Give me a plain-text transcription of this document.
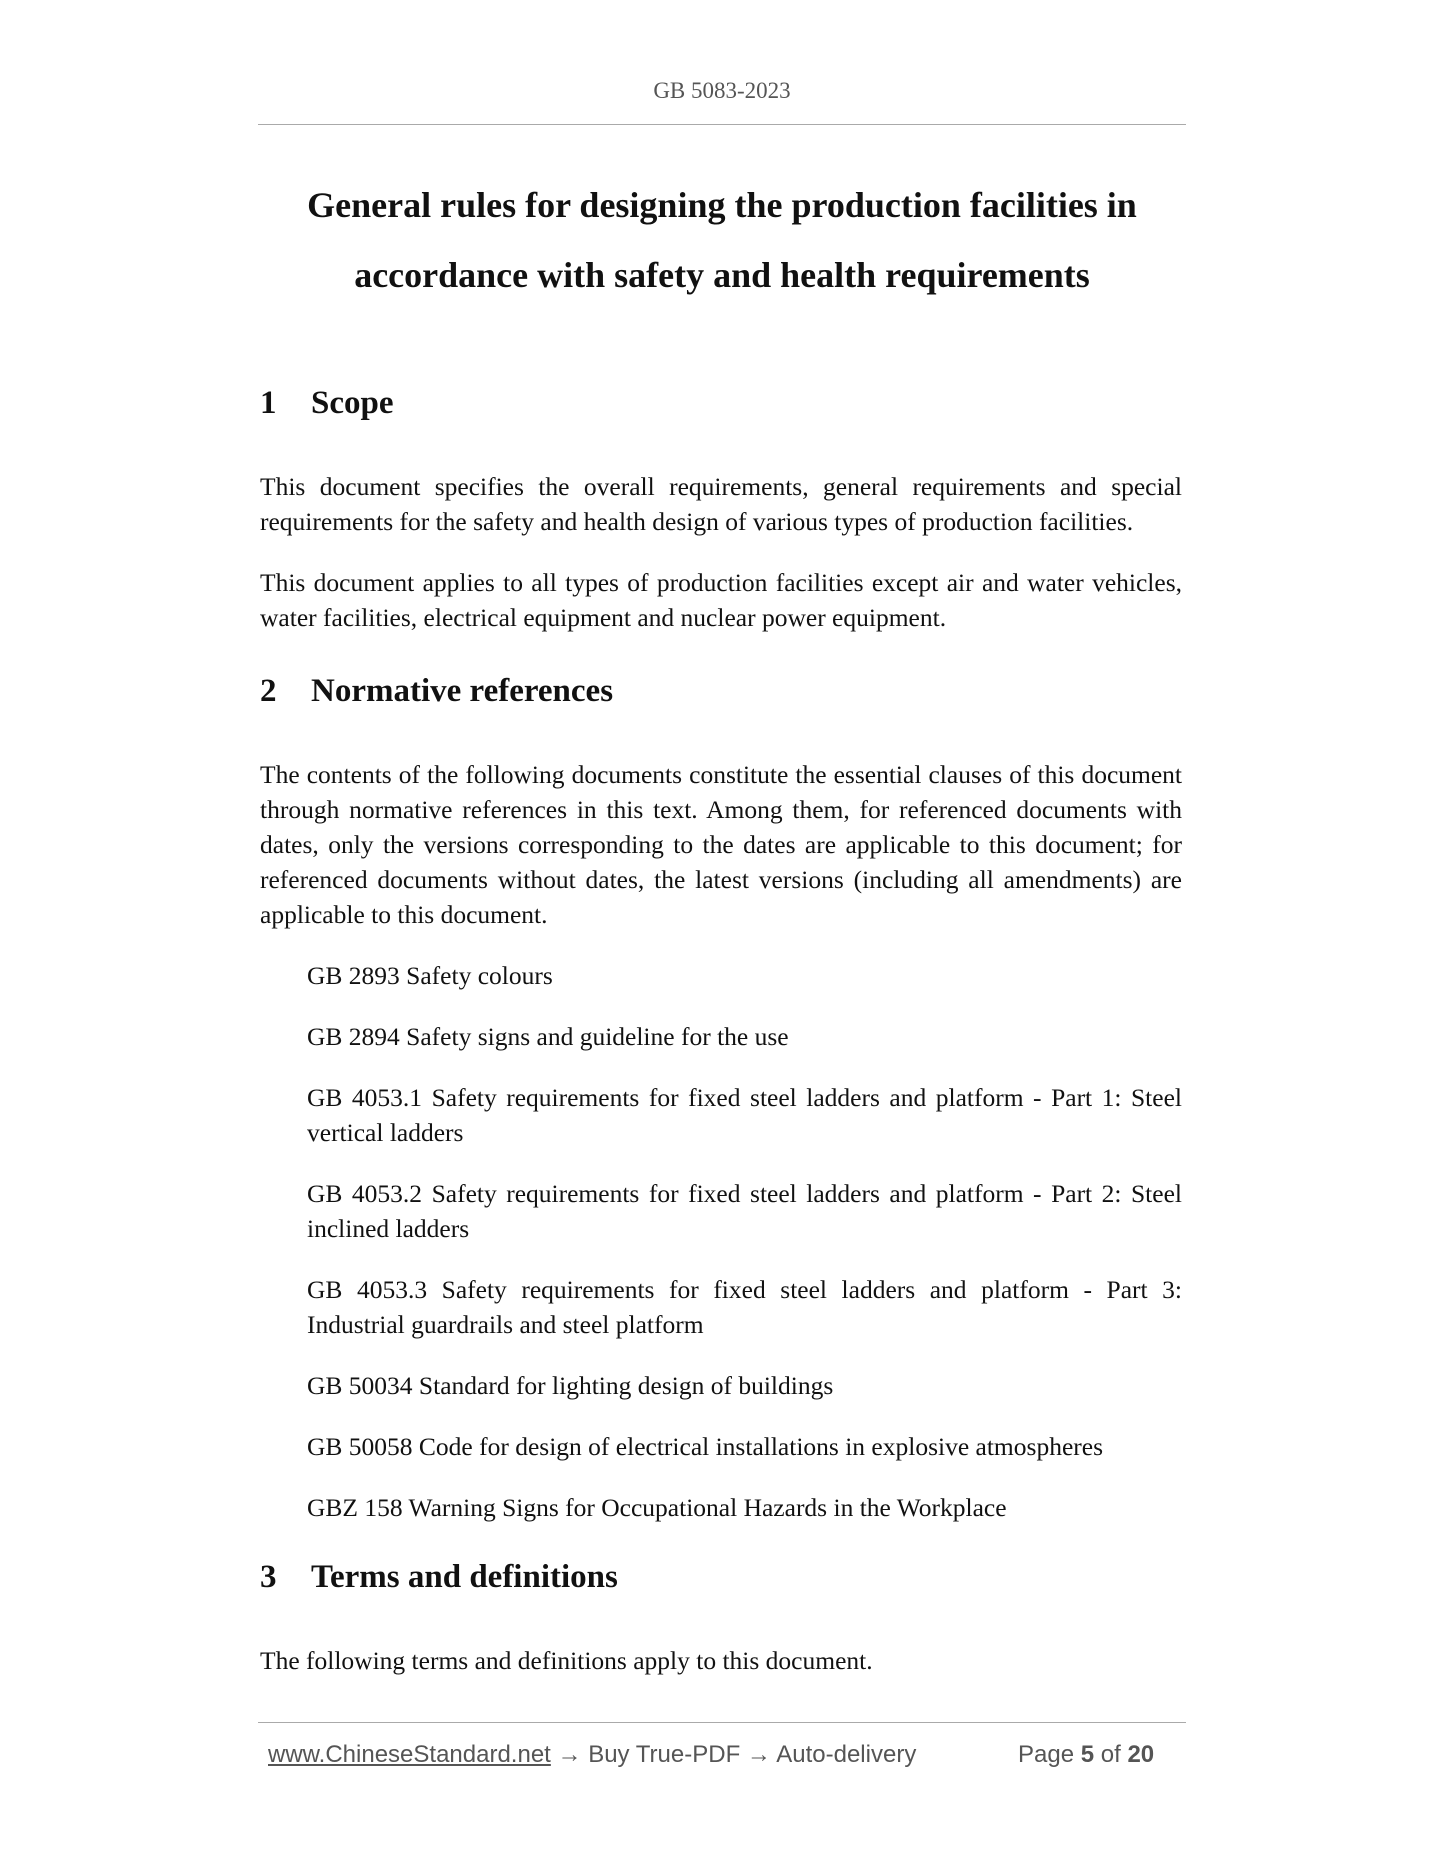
GB 5083-2023
General rules for designing the production facilities in
accordance with safety and health requirements
1 Scope
This document specifies the overall requirements, general requirements and special requirements for the safety and health design of various types of production facilities.
This document applies to all types of production facilities except air and water vehicles, water facilities, electrical equipment and nuclear power equipment.
2 Normative references
The contents of the following documents constitute the essential clauses of this document through normative references in this text. Among them, for referenced documents with dates, only the versions corresponding to the dates are applicable to this document; for referenced documents without dates, the latest versions (including all amendments) are applicable to this document.
GB 2893 Safety colours
GB 2894 Safety signs and guideline for the use
GB 4053.1 Safety requirements for fixed steel ladders and platform - Part 1: Steel vertical ladders
GB 4053.2 Safety requirements for fixed steel ladders and platform - Part 2: Steel inclined ladders
GB 4053.3 Safety requirements for fixed steel ladders and platform - Part 3: Industrial guardrails and steel platform
GB 50034 Standard for lighting design of buildings
GB 50058 Code for design of electrical installations in explosive atmospheres
GBZ 158 Warning Signs for Occupational Hazards in the Workplace
3 Terms and definitions
The following terms and definitions apply to this document.
www.ChineseStandard.net → Buy True-PDF → Auto-delivery	Page 5 of 20
